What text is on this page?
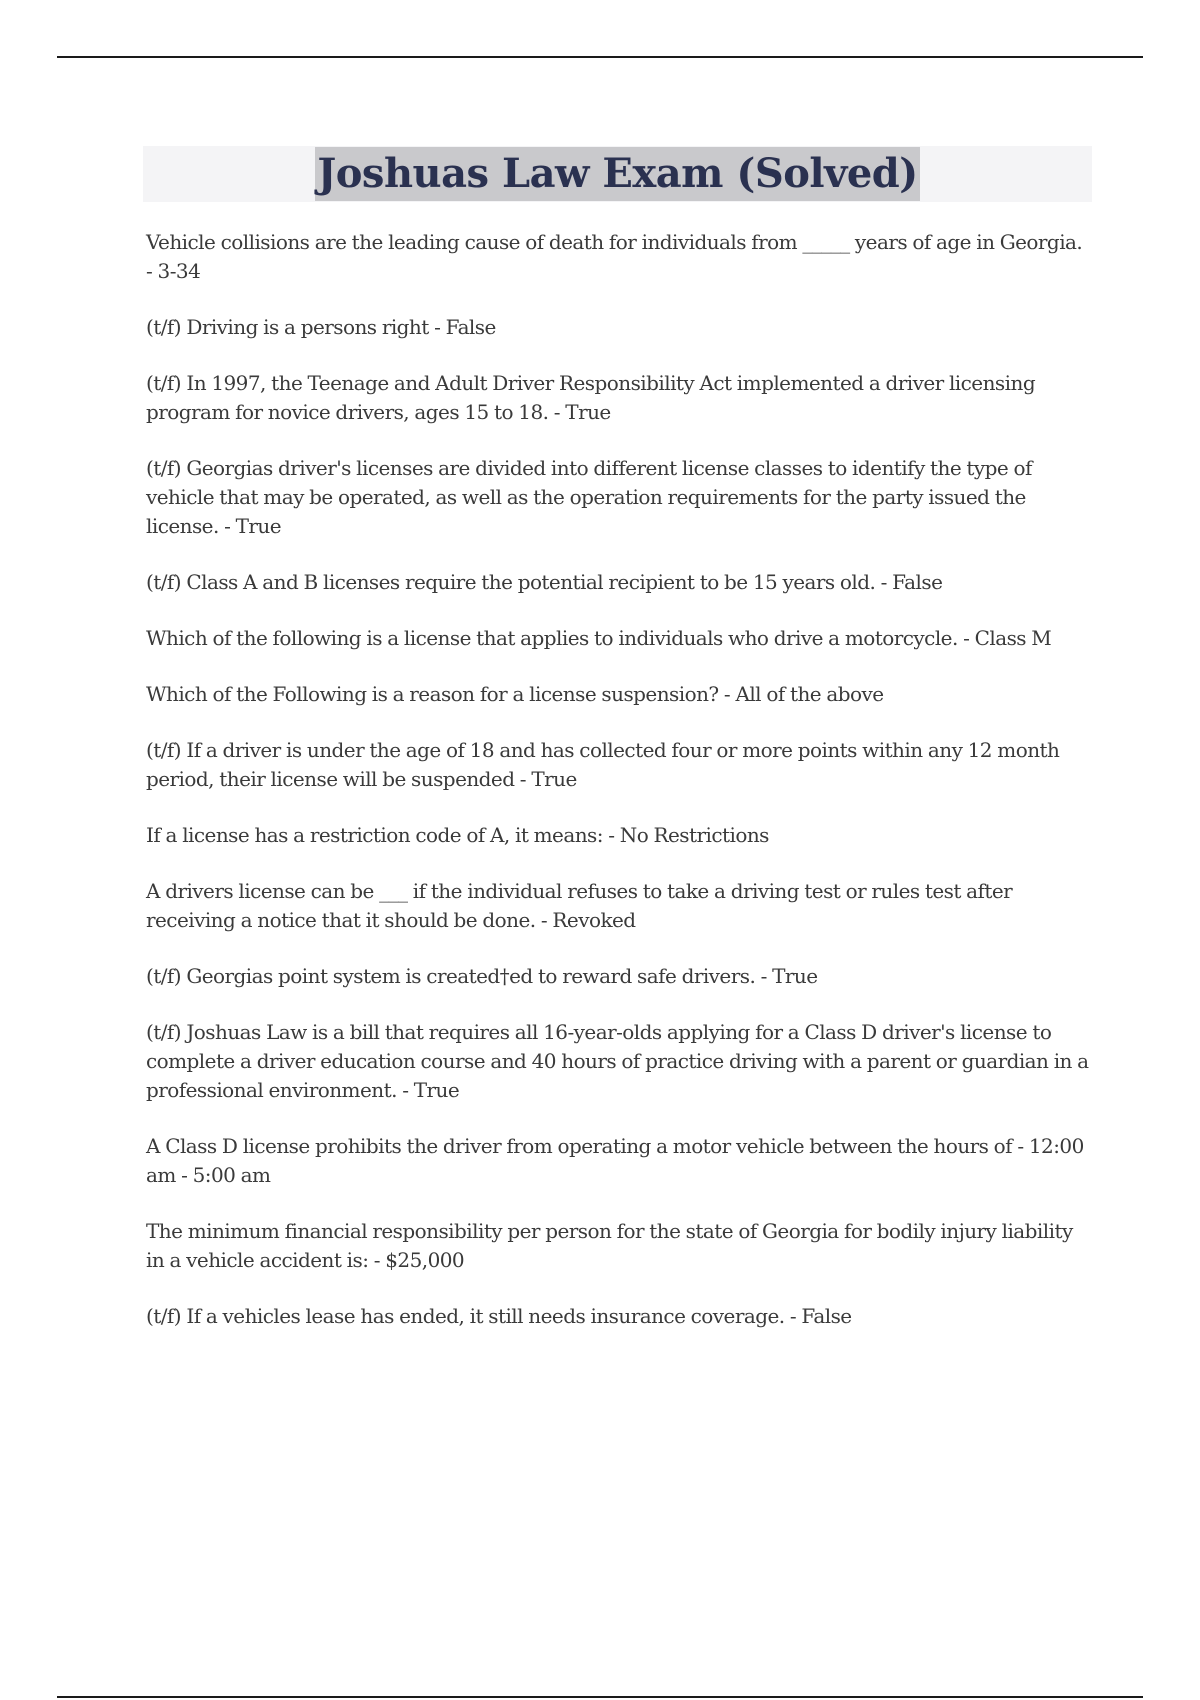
Joshuas Law Exam (Solved)
Vehicle collisions are the leading cause of death for individuals from _____ years of age in Georgia. - 3-34
(t/f) Driving is a persons right - False
(t/f) In 1997, the Teenage and Adult Driver Responsibility Act implemented a driver licensing program for novice drivers, ages 15 to 18. - True
(t/f) Georgias driver's licenses are divided into different license classes to identify the type of vehicle that may be operated, as well as the operation requirements for the party issued the license. - True
(t/f) Class A and B licenses require the potential recipient to be 15 years old. - False
Which of the following is a license that applies to individuals who drive a motorcycle. - Class M
Which of the Following is a reason for a license suspension? - All of the above
(t/f) If a driver is under the age of 18 and has collected four or more points within any 12 month period, their license will be suspended - True
If a license has a restriction code of A, it means: - No Restrictions
A drivers license can be ___ if the individual refuses to take a driving test or rules test after receiving a notice that it should be done. - Revoked
(t/f) Georgias point system is created†ed to reward safe drivers. - True
(t/f) Joshuas Law is a bill that requires all 16-year-olds applying for a Class D driver's license to complete a driver education course and 40 hours of practice driving with a parent or guardian in a professional environment. - True
A Class D license prohibits the driver from operating a motor vehicle between the hours of - 12:00 am - 5:00 am
The minimum financial responsibility per person for the state of Georgia for bodily injury liability in a vehicle accident is: - $25,000
(t/f) If a vehicles lease has ended, it still needs insurance coverage. - False
